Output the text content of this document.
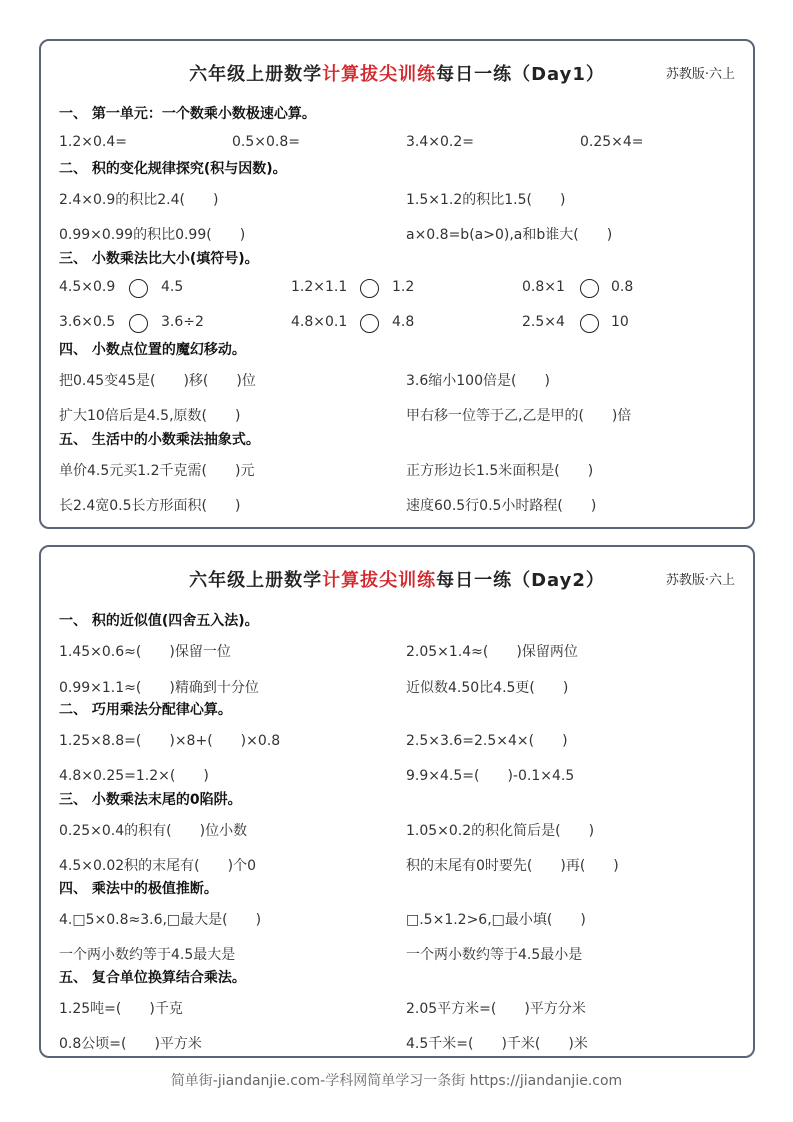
六年级上册数学计算拔尖训练每日一练（Day1）	苏教版·六上
一、 第一单元：一个数乘小数极速心算。
1.2×0.4=	0.5×0.8=	3.4×0.2=	0.25×4=
二、 积的变化规律探究(积与因数)。
2.4×0.9的积比2.4(　　)	1.5×1.2的积比1.5(　　)
0.99×0.99的积比0.99(　　)	a×0.8=b(a>0),a和b谁大(　　)
三、 小数乘法比大小(填符号)。
4.5×0.9	4.5	1.2×1.1	1.2	0.8×1	0.8
3.6×0.5	3.6÷2	4.8×0.1	4.8	2.5×4	10
四、 小数点位置的魔幻移动。
把0.45变45是(　　)移(　　)位	3.6缩小100倍是(　　)
扩大10倍后是4.5,原数(　　)	甲右移一位等于乙,乙是甲的(　　)倍
五、 生活中的小数乘法抽象式。
单价4.5元买1.2千克需(　　)元	正方形边长1.5米面积是(　　)
长2.4宽0.5长方形面积(　　)	速度60.5行0.5小时路程(　　)
六年级上册数学计算拔尖训练每日一练（Day2）	苏教版·六上
一、 积的近似值(四舍五入法)。
1.45×0.6≈(　　)保留一位	2.05×1.4≈(　　)保留两位
0.99×1.1≈(　　)精确到十分位	近似数4.50比4.5更(　　)
二、 巧用乘法分配律心算。
1.25×8.8=(　　)×8+(　　)×0.8	2.5×3.6=2.5×4×(　　)
4.8×0.25=1.2×(　　)	9.9×4.5=(　　)-0.1×4.5
三、 小数乘法末尾的0陷阱。
0.25×0.4的积有(　　)位小数	1.05×0.2的积化简后是(　　)
4.5×0.02积的末尾有(　　)个0	积的末尾有0时要先(　　)再(　　)
四、 乘法中的极值推断。
4.□5×0.8≈3.6,□最大是(　　)	□.5×1.2>6,□最小填(　　)
一个两小数约等于4.5最大是	一个两小数约等于4.5最小是
五、 复合单位换算结合乘法。
1.25吨=(　　)千克	2.05平方米=(　　)平方分米
0.8公顷=(　　)平方米	4.5千米=(　　)千米(　　)米
简单街-jiandanjie.com-学科网简单学习一条街 https://jiandanjie.com
